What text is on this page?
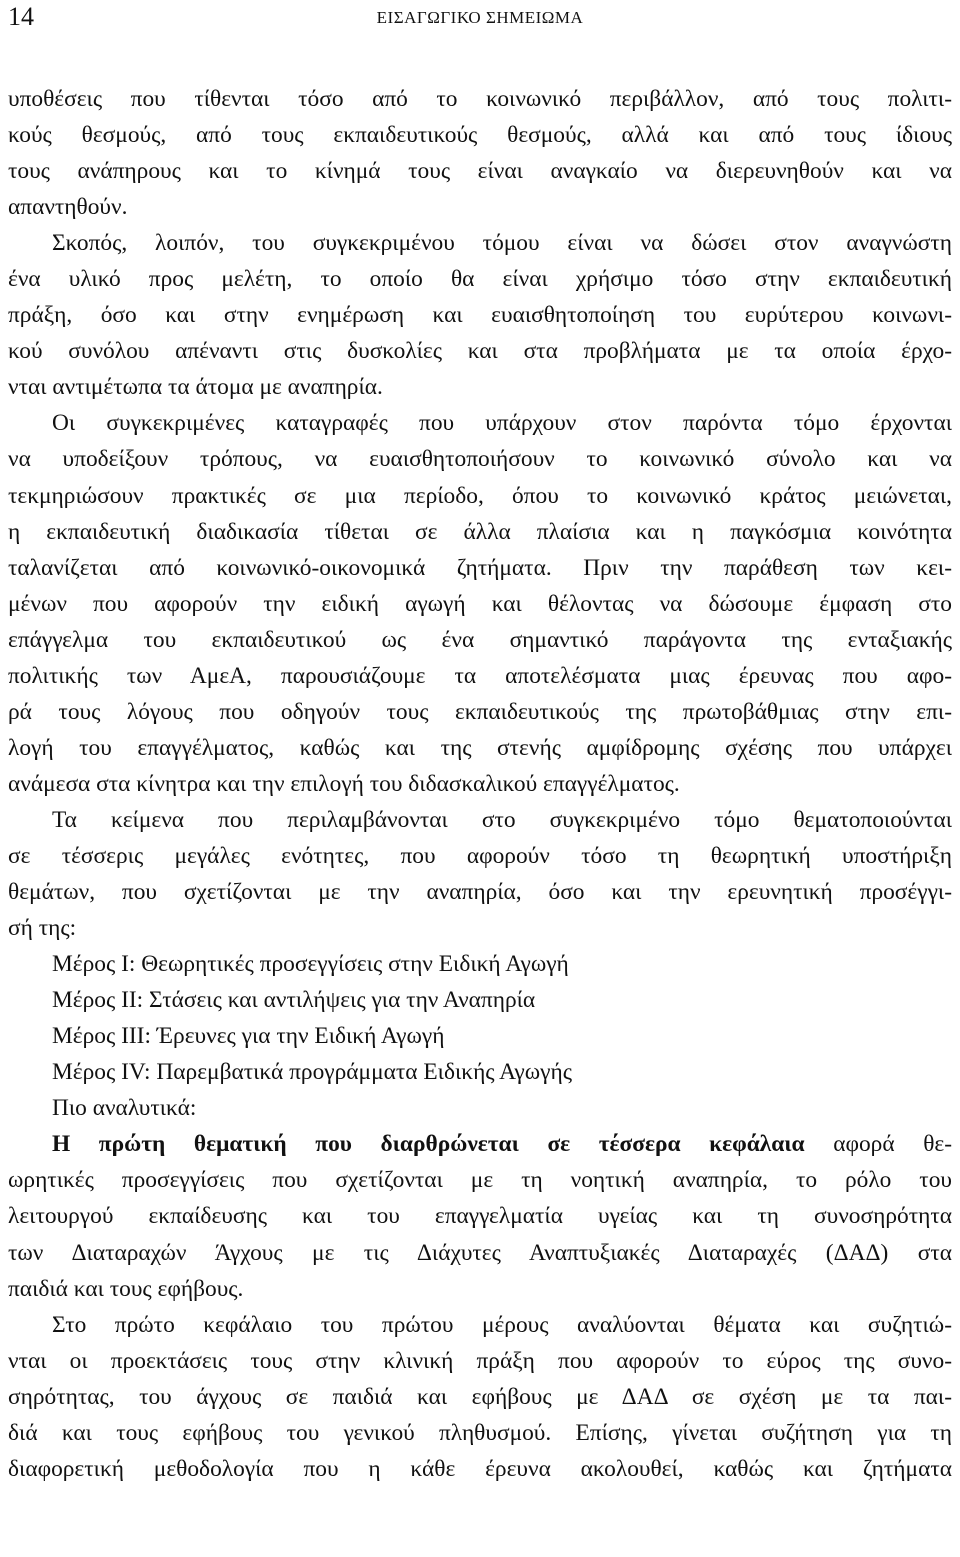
14	ΕΙΣΑΓΩΓΙΚΟ ΣΗΜΕΙΩΜΑ

υποθέσεις που τίθενται τόσο από το κοινωνικό περιβάλλον, από τους πολιτι-

κούς θεσμούς, από τους εκπαιδευτικούς θεσμούς, αλλά και από τους ίδιους

τους ανάπηρους και το κίνημά τους είναι αναγκαίο να διερευνηθούν και να

απαντηθούν.

Σκοπός, λοιπόν, του συγκεκριμένου τόμου είναι να δώσει στον αναγνώστη

ένα υλικό προς μελέτη, το οποίο θα είναι χρήσιμο τόσο στην εκπαιδευτική

πράξη, όσο και στην ενημέρωση και ευαισθητοποίηση του ευρύτερου κοινωνι-

κού συνόλου απέναντι στις δυσκολίες και στα προβλήματα με τα οποία έρχο-

νται αντιμέτωπα τα άτομα με αναπηρία.

Οι συγκεκριμένες καταγραφές που υπάρχουν στον παρόντα τόμο έρχονται

να υποδείξουν τρόπους, να ευαισθητοποιήσουν το κοινωνικό σύνολο και να

τεκμηριώσουν πρακτικές σε μια περίοδο, όπου το κοινωνικό κράτος μειώνεται,

η εκπαιδευτική διαδικασία τίθεται σε άλλα πλαίσια και η παγκόσμια κοινότητα

ταλανίζεται από κοινωνικό-οικονομικά ζητήματα. Πριν την παράθεση των κει-

μένων που αφορούν την ειδική αγωγή και θέλοντας να δώσουμε έμφαση στο

επάγγελμα του εκπαιδευτικού ως ένα σημαντικό παράγοντα της ενταξιακής

πολιτικής των ΑμεΑ, παρουσιάζουμε τα αποτελέσματα μιας έρευνας που αφο-

ρά τους λόγους που οδηγούν τους εκπαιδευτικούς της πρωτοβάθμιας στην επι-

λογή του επαγγέλματος, καθώς και της στενής αμφίδρομης σχέσης που υπάρχει

ανάμεσα στα κίνητρα και την επιλογή του διδασκαλικού επαγγέλματος.

Τα κείμενα που περιλαμβάνονται στο συγκεκριμένο τόμο θεματοποιούνται

σε τέσσερις μεγάλες ενότητες, που αφορούν τόσο τη θεωρητική υποστήριξη

θεμάτων, που σχετίζονται με την αναπηρία, όσο και την ερευνητική προσέγγι-

σή της:

Μέρος Ι: Θεωρητικές προσεγγίσεις στην Ειδική Αγωγή
Μέρος ΙΙ: Στάσεις και αντιλήψεις για την Αναπηρία
Μέρος ΙΙΙ: Έρευνες για την Ειδική Αγωγή
Μέρος ΙV: Παρεμβατικά προγράμματα Ειδικής Αγωγής
Πιο αναλυτικά:

Η πρώτη θεματική που διαρθρώνεται σε τέσσερα κεφάλαια αφορά θε-

ωρητικές προσεγγίσεις που σχετίζονται με τη νοητική αναπηρία, το ρόλο του

λειτουργού εκπαίδευσης και του επαγγελματία υγείας και τη συνοσηρότητα

των Διαταραχών Άγχους με τις Διάχυτες Αναπτυξιακές Διαταραχές (ΔΑΔ) στα

παιδιά και τους εφήβους.

Στο πρώτο κεφάλαιο του πρώτου μέρους αναλύονται θέματα και συζητιώ-

νται οι προεκτάσεις τους στην κλινική πράξη που αφορούν το εύρος της συνο-

σηρότητας, του άγχους σε παιδιά και εφήβους με ΔΑΔ σε σχέση με τα παι-

διά και τους εφήβους του γενικού πληθυσμού. Επίσης, γίνεται συζήτηση για τη

διαφορετική μεθοδολογία που η κάθε έρευνα ακολουθεί, καθώς και ζητήματα
